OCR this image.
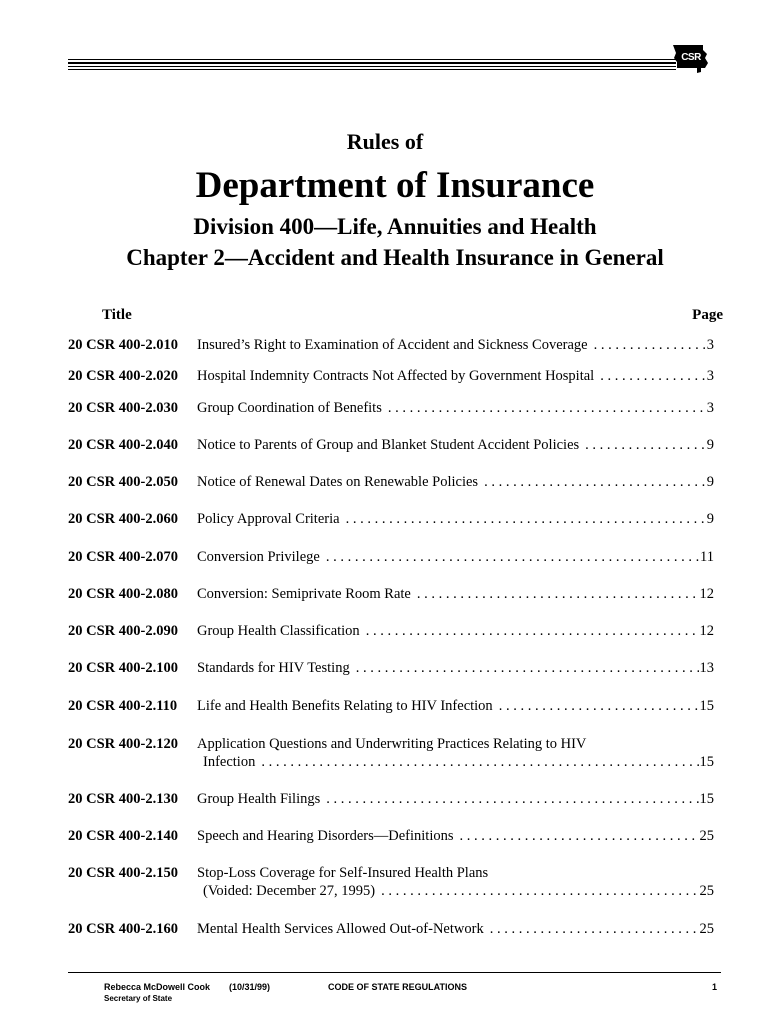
CSR
Rules of
Department of Insurance
Division 400—Life, Annuities and Health
Chapter 2—Accident and Health Insurance in General
Title	Page
20 CSR 400-2.010 Insured’s Right to Examination of Accident and Sickness Coverage . . .	3
20 CSR 400-2.020 Hospital Indemnity Contracts Not Affected by Government Hospital . . .	3
20 CSR 400-2.030 Group Coordination of Benefits . . .	3
20 CSR 400-2.040 Notice to Parents of Group and Blanket Student Accident Policies . . .	9
20 CSR 400-2.050 Notice of Renewal Dates on Renewable Policies . . .	9
20 CSR 400-2.060 Policy Approval Criteria . . .	9
20 CSR 400-2.070 Conversion Privilege . . .	11
20 CSR 400-2.080 Conversion: Semiprivate Room Rate . . .	12
20 CSR 400-2.090 Group Health Classification . . .	12
20 CSR 400-2.100 Standards for HIV Testing . . .	13
20 CSR 400-2.110 Life and Health Benefits Relating to HIV Infection . . .	15
20 CSR 400-2.120 Application Questions and Underwriting Practices Relating to HIV
Infection . . .	15
20 CSR 400-2.130 Group Health Filings . . .	15
20 CSR 400-2.140 Speech and Hearing Disorders—Definitions . . .	25
20 CSR 400-2.150 Stop-Loss Coverage for Self-Insured Health Plans
(Voided: December 27, 1995) . . .	25
20 CSR 400-2.160 Mental Health Services Allowed Out-of-Network . . .	25
Rebecca McDowell Cook (10/31/99)
Secretary of State
CODE OF STATE REGULATIONS	1
